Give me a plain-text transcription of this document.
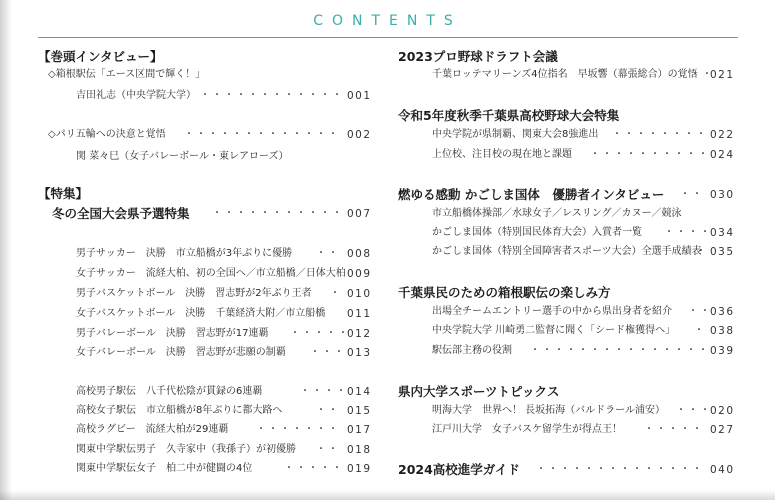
CONTENTS
【巻頭インタビュー】
◇箱根駅伝「エース区間で輝く！」
吉田礼志（中央学院大学） ・・・・・・・・・・・・・・・・・・・・・・・・・・・・・・・・・・・・・・・・・・・・・・・・・・・・・・・・・・・・・・・・・・・・・・・・・・・・・・・・・・・・・・・	001
◇パリ五輪への決意と覚悟 ・・・・・・・・・・・・・・・・・・・・・・・・・・・・・・・・・・・・・・・・・・・・・・・・・・・・・・・・・・・・・・・・・・・・・・・・・・・・・・・・・・・・・・・	002
関 菜々巳（女子バレーボール・東レアローズ）
【特集】
冬の全国大会県予選特集 ・・・・・・・・・・・・・・・・・・・・・・・・・・・・・・・・・・・・・・・・・・・・・・・・・・・・・・・・・・・・・・・・・・・・・・・・・・・・・・・・・・・・・・・	007
男子サッカー　決勝　市立船橋が3年ぶりに優勝 ・・・・・・・・・・・・・・・・・・・・・・・・・・・・・・・・・・・・・・・・・・・・・・・・・・・・・・・・・・・・・・・・・・・・・・・・・・・・・・・・・・・・・・・	008
女子サッカー　流経大柏、初の全国へ／市立船橋／日体大柏 009
男子バスケットボール　決勝　習志野が2年ぶり王者 ・・・・・・・・・・・・・・・・・・・・・・・・・・・・・・・・・・・・・・・・・・・・・・・・・・・・・・・・・・・・・・・・・・・・・・・・・・・・・・・・・・・・・・・	010
女子バスケットボール　決勝　千葉経済大附／市立船橋 011
男子バレーボール　決勝　習志野が17連覇 ・・・・・・・・・・・・・・・・・・・・・・・・・・・・・・・・・・・・・・・・・・・・・・・・・・・・・・・・・・・・・・・・・・・・・・・・・・・・・・・・・・・・・・・	012
女子バレーボール　決勝　習志野が悲願の制覇 ・・・・・・・・・・・・・・・・・・・・・・・・・・・・・・・・・・・・・・・・・・・・・・・・・・・・・・・・・・・・・・・・・・・・・・・・・・・・・・・・・・・・・・・	013
高校男子駅伝　八千代松陰が貫録の6連覇 ・・・・・・・・・・・・・・・・・・・・・・・・・・・・・・・・・・・・・・・・・・・・・・・・・・・・・・・・・・・・・・・・・・・・・・・・・・・・・・・・・・・・・・・	014
高校女子駅伝　市立船橋が8年ぶりに都大路へ ・・・・・・・・・・・・・・・・・・・・・・・・・・・・・・・・・・・・・・・・・・・・・・・・・・・・・・・・・・・・・・・・・・・・・・・・・・・・・・・・・・・・・・・	015
高校ラグビー　流経大柏が29連覇 ・・・・・・・・・・・・・・・・・・・・・・・・・・・・・・・・・・・・・・・・・・・・・・・・・・・・・・・・・・・・・・・・・・・・・・・・・・・・・・・・・・・・・・・	017
関東中学駅伝男子　久寺家中（我孫子）が初優勝 ・・・・・・・・・・・・・・・・・・・・・・・・・・・・・・・・・・・・・・・・・・・・・・・・・・・・・・・・・・・・・・・・・・・・・・・・・・・・・・・・・・・・・・・	018
関東中学駅伝女子　柏二中が健闘の4位 ・・・・・・・・・・・・・・・・・・・・・・・・・・・・・・・・・・・・・・・・・・・・・・・・・・・・・・・・・・・・・・・・・・・・・・・・・・・・・・・・・・・・・・・	019
2023プロ野球ドラフト会議
千葉ロッテマリーンズ4位指名　早坂響（幕張総合）の覚悟 ・・・・・・・・・・・・・・・・・・・・・・・・・・・・・・・・・・・・・・・・・・・・・・・・・・・・・・・・・・・・・・・・・・・・・・・・・・・・・・・・・・・・・・・ 021
令和5年度秋季千葉県高校野球大会特集
中央学院が県制覇、関東大会8強進出 ・・・・・・・・・・・・・・・・・・・・・・・・・・・・・・・・・・・・・・・・・・・・・・・・・・・・・・・・・・・・・・・・・・・・・・・・・・・・・・・・・・・・・・・	022
上位校、注目校の現在地と課題 ・・・・・・・・・・・・・・・・・・・・・・・・・・・・・・・・・・・・・・・・・・・・・・・・・・・・・・・・・・・・・・・・・・・・・・・・・・・・・・・・・・・・・・・	024
燃ゆる感動 かごしま国体　優勝者インタビュー ・・・・・・・・・・・・・・・・・・・・・・・・・・・・・・・・・・・・・・・・・・・・・・・・・・・・・・・・・・・・・・・・・・・・・・・・・・・・・・・・・・・・・・・	030
市立船橋体操部／水球女子／レスリング／カヌー／競泳
かごしま国体（特別国民体育大会）入賞者一覧 ・・・・・・・・・・・・・・・・・・・・・・・・・・・・・・・・・・・・・・・・・・・・・・・・・・・・・・・・・・・・・・・・・・・・・・・・・・・・・・・・・・・・・・・	034
かごしま国体（特別全国障害者スポーツ大会）全選手成績表 ・・・・・・・・・・・・・・・・・・・・・・・・・・・・・・・・・・・・・・・・・・・・・・・・・・・・・・・・・・・・・・・・・・・・・・・・・・・・・・・・・・・・・・・ 035
千葉県民のための箱根駅伝の楽しみ方
出場全チームエントリー選手の中から県出身者を紹介 ・・・・・・・・・・・・・・・・・・・・・・・・・・・・・・・・・・・・・・・・・・・・・・・・・・・・・・・・・・・・・・・・・・・・・・・・・・・・・・・・・・・・・・・	036
中央学院大学 川崎勇二監督に聞く「シード権獲得へ」 ・・・・・・・・・・・・・・・・・・・・・・・・・・・・・・・・・・・・・・・・・・・・・・・・・・・・・・・・・・・・・・・・・・・・・・・・・・・・・・・・・・・・・・・	038
駅伝部主務の役割 ・・・・・・・・・・・・・・・・・・・・・・・・・・・・・・・・・・・・・・・・・・・・・・・・・・・・・・・・・・・・・・・・・・・・・・・・・・・・・・・・・・・・・・・	039
県内大学スポーツトピックス
明海大学　世界へ！ 長坂拓海（バルドラール浦安） ・・・・・・・・・・・・・・・・・・・・・・・・・・・・・・・・・・・・・・・・・・・・・・・・・・・・・・・・・・・・・・・・・・・・・・・・・・・・・・・・・・・・・・・	020
江戸川大学　女子バスケ留学生が得点王！ ・・・・・・・・・・・・・・・・・・・・・・・・・・・・・・・・・・・・・・・・・・・・・・・・・・・・・・・・・・・・・・・・・・・・・・・・・・・・・・・・・・・・・・・	027
2024高校進学ガイド ・・・・・・・・・・・・・・・・・・・・・・・・・・・・・・・・・・・・・・・・・・・・・・・・・・・・・・・・・・・・・・・・・・・・・・・・・・・・・・・・・・・・・・・	040
